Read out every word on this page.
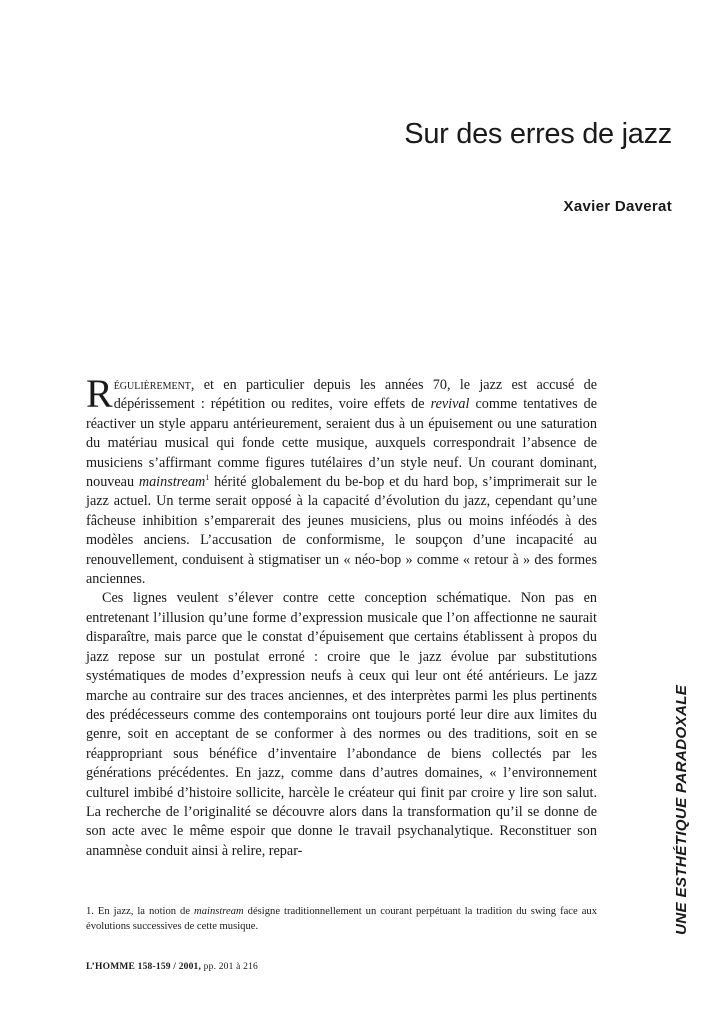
Sur des erres de jazz
Xavier Daverat

Régulièrement, et en particulier depuis les années 70, le jazz est accusé de dépérissement : répétition ou redites, voire effets de revival comme tentatives de réactiver un style apparu antérieurement, seraient dus à un épuisement ou une saturation du matériau musical qui fonde cette musique, auxquels correspondrait l’absence de musiciens s’affirmant comme figures tutélaires d’un style neuf. Un courant dominant, nouveau mainstream$^1$ hérité globalement du be-bop et du hard bop, s’imprimerait sur le jazz actuel. Un terme serait opposé à la capacité d’évolution du jazz, cependant qu’une fâcheuse inhibition s’emparerait des jeunes musiciens, plus ou moins inféodés à des modèles anciens. L’accusation de conformisme, le soupçon d’une incapacité au renouvellement, conduisent à stigmatiser un « néo-bop » comme « retour à » des formes anciennes.

Ces lignes veulent s’élever contre cette conception schématique. Non pas en entretenant l’illusion qu’une forme d’expression musicale que l’on affectionne ne saurait disparaître, mais parce que le constat d’épuisement que certains établissent à propos du jazz repose sur un postulat erroné : croire que le jazz évolue par substitutions systématiques de modes d’expression neufs à ceux qui leur ont été antérieurs. Le jazz marche au contraire sur des traces anciennes, et des interprètes parmi les plus pertinents des prédécesseurs comme des contemporains ont toujours porté leur dire aux limites du genre, soit en acceptant de se conformer à des normes ou des traditions, soit en se réappropriant sous bénéfice d’inventaire l’abondance de biens collectés par les générations précédentes. En jazz, comme dans d’autres domaines, « l’environnement culturel imbibé d’histoire sollicite, harcèle le créateur qui finit par croire y lire son salut. La recherche de l’originalité se découvre alors dans la transformation qu’il se donne de son acte avec le même espoir que donne le travail psychanalytique. Reconstituer son anamnèse conduit ainsi à relire, repar-

1. En jazz, la notion de mainstream désigne traditionnellement un courant perpétuant la tradition du swing face aux évolutions successives de cette musique.
L’HOMME 158-159 / 2001, pp. 201 à 216
UNE ESTHÉTIQUE PARADOXALE
